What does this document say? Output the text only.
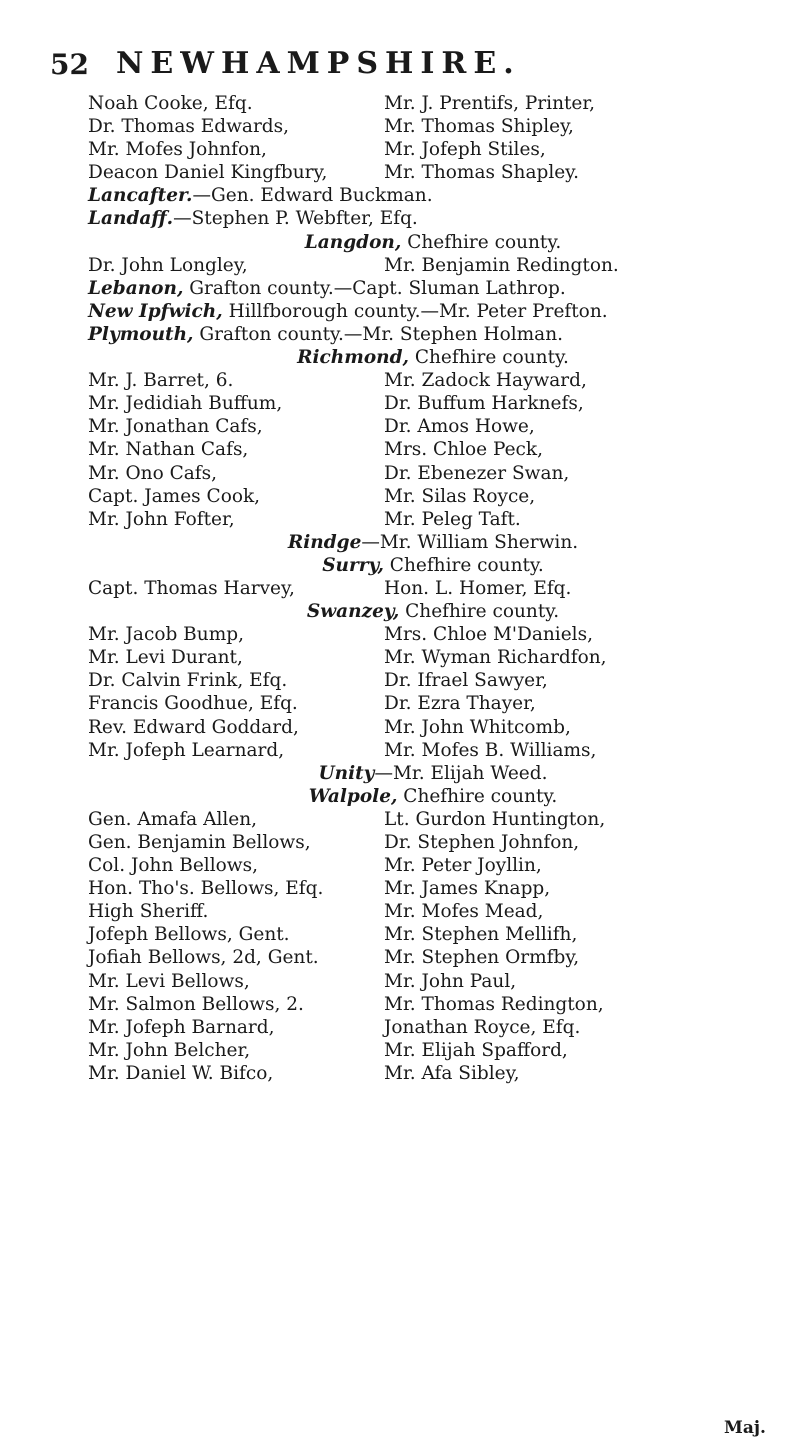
52 NEWHAMPSHIRE.
Noah Cooke, Efq.	Mr. J. Prentifs, Printer,
Dr. Thomas Edwards,	Mr. Thomas Shipley,
Mr. Mofes Johnfon,	Mr. Jofeph Stiles,
Deacon Daniel Kingfbury,	Mr. Thomas Shapley.
Lancafter.—Gen. Edward Buckman.
Landaff.—Stephen P. Webfter, Efq.
Langdon, Chefhire county.
Dr. John Longley,	Mr. Benjamin Redington.
Lebanon, Grafton county.—Capt. Sluman Lathrop.
New Ipfwich, Hillfborough county.—Mr. Peter Prefton.
Plymouth, Grafton county.—Mr. Stephen Holman.
Richmond, Chefhire county.
Mr. J. Barret, 6.	Mr. Zadock Hayward,
Mr. Jedidiah Buffum,	Dr. Buffum Harknefs,
Mr. Jonathan Cafs,	Dr. Amos Howe,
Mr. Nathan Cafs,	Mrs. Chloe Peck,
Mr. Ono Cafs,	Dr. Ebenezer Swan,
Capt. James Cook,	Mr. Silas Royce,
Mr. John Fofter,	Mr. Peleg Taft.
Rindge—Mr. William Sherwin.
Surry, Chefhire county.
Capt. Thomas Harvey,	Hon. L. Homer, Efq.
Swanzey, Chefhire county.
Mr. Jacob Bump,	Mrs. Chloe M'Daniels,
Mr. Levi Durant,	Mr. Wyman Richardfon,
Dr. Calvin Frink, Efq.	Dr. Ifrael Sawyer,
Francis Goodhue, Efq.	Dr. Ezra Thayer,
Rev. Edward Goddard,	Mr. John Whitcomb,
Mr. Jofeph Learnard,	Mr. Mofes B. Williams,
Unity—Mr. Elijah Weed.
Walpole, Chefhire county.
Gen. Amafa Allen,	Lt. Gurdon Huntington,
Gen. Benjamin Bellows,	Dr. Stephen Johnfon,
Col. John Bellows,	Mr. Peter Joyllin,
Hon. Tho's. Bellows, Efq.	Mr. James Knapp,
High Sheriff.	Mr. Mofes Mead,
Jofeph Bellows, Gent.	Mr. Stephen Mellifh,
Jofiah Bellows, 2d, Gent.	Mr. Stephen Ormfby,
Mr. Levi Bellows,	Mr. John Paul,
Mr. Salmon Bellows, 2.	Mr. Thomas Redington,
Mr. Jofeph Barnard,	Jonathan Royce, Efq.
Mr. John Belcher,	Mr. Elijah Spafford,
Mr. Daniel W. Bifco,	Mr. Afa Sibley,
Maj.
